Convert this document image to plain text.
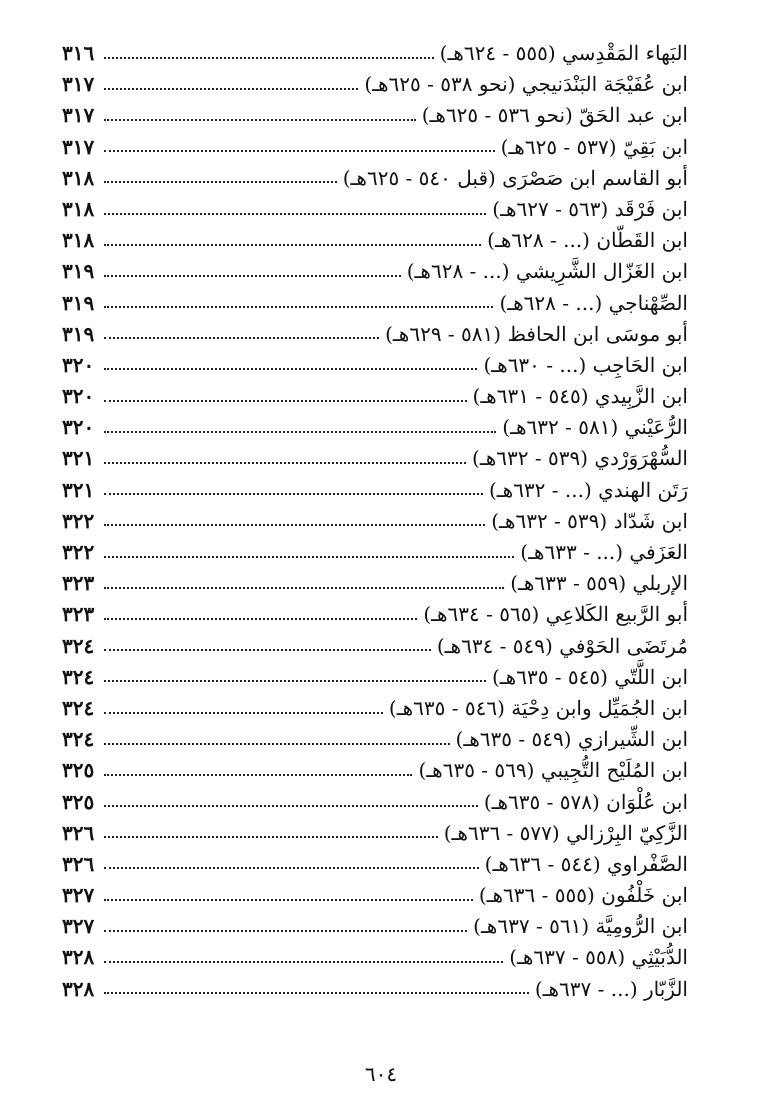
البَهاء المَقْدِسي (٥٥٥ - ٦٢٤هـ)
٣١٦
ابن عُفَيْجَة البَنْدَنيجي (نحو ٥٣٨ - ٦٢٥هـ)
٣١٧
ابن عبد الحَقّ (نحو ٥٣٦ - ٦٢٥هـ)
٣١٧
ابن بَقِيّ (٥٣٧ - ٦٢٥هـ)
٣١٧
أبو القاسم ابن صَصْرَى (قبل ٥٤٠ - ٦٢٥هـ)
٣١٨
ابن فَرْقَد (٥٦٣ - ٦٢٧هـ)
٣١٨
ابن القَطّان (... - ٦٢٨هـ)
٣١٨
ابن الغَزّال الشَّرِيشي (... - ٦٢٨هـ)
٣١٩
الصِّهْناجي (... - ٦٢٨هـ)
٣١٩
أبو موسَى ابن الحافظ (٥٨١ - ٦٢٩هـ)
٣١٩
ابن الحَاجِب (... - ٦٣٠هـ)
٣٢٠
ابن الزَّبِيدي (٥٤٥ - ٦٣١هـ)
٣٢٠
الرُّعَيْني (٥٨١ - ٦٣٢هـ)
٣٢٠
السُّهْرَوَرْدي (٥٣٩ - ٦٣٢هـ)
٣٢١
رَتَن الهندي (... - ٦٣٢هـ)
٣٢١
ابن شَدّاد (٥٣٩ - ٦٣٢هـ)
٣٢٢
العَزَفي (... - ٦٣٣هـ)
٣٢٢
الإربلي (٥٥٩ - ٦٣٣هـ)
٣٢٣
أبو الرَّبيع الكَلاعِي (٥٦٥ - ٦٣٤هـ)
٣٢٣
مُرتَضَى الحَوْفي (٥٤٩ - ٦٣٤هـ)
٣٢٤
ابن اللَّتّي (٥٤٥ - ٦٣٥هـ)
٣٢٤
ابن الجُمَيِّل وابن دِحْيَة (٥٤٦ - ٦٣٥هـ)
٣٢٤
ابن الشِّيرازي (٥٤٩ - ٦٣٥هـ)
٣٢٤
ابن المُلَيْح التُّجِيبي (٥٦٩ - ٦٣٥هـ)
٣٢٥
ابن عُلْوَان (٥٧٨ - ٦٣٥هـ)
٣٢٥
الزَّكِيّ البِرْزالي (٥٧٧ - ٦٣٦هـ)
٣٢٦
الصَّفْراوي (٥٤٤ - ٦٣٦هـ)
٣٢٦
ابن خَلْفُون (٥٥٥ - ٦٣٦هـ)
٣٢٧
ابن الرُّومِيَّة (٥٦١ - ٦٣٧هـ)
٣٢٧
الدُّبَيْثِي (٥٥٨ - ٦٣٧هـ)
٣٢٨
الزَّبّار (... - ٦٣٧هـ)
٣٢٨
٦٠٤
